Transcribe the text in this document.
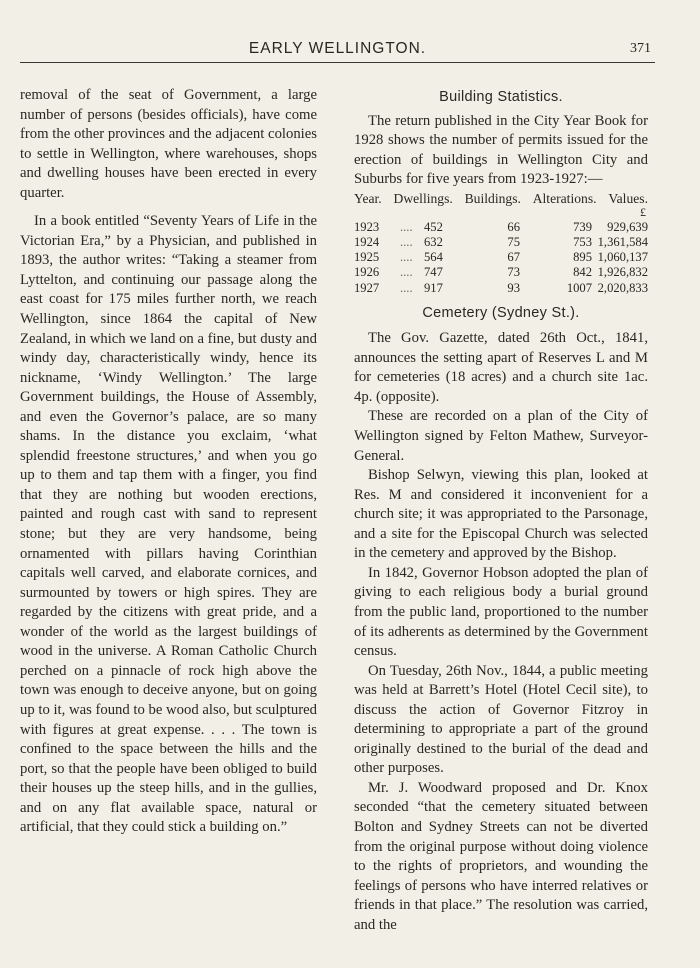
EARLY WELLINGTON.	371

removal of the seat of Government, a large number of persons (besides officials), have come from the other provinces and the adjacent colonies to settle in Wellington, where warehouses, shops and dwelling houses have been erected in every quarter.

In a book entitled “Seventy Years of Life in the Victorian Era,” by a Physician, and published in 1893, the author writes: “Taking a steamer from Lyttelton, and continuing our passage along the east coast for 175 miles further north, we reach Wellington, since 1864 the capital of New Zealand, in which we land on a fine, but dusty and windy day, characteristically windy, hence its nickname, ‘Windy Wellington.’ The large Government buildings, the House of Assembly, and even the Governor’s palace, are so many shams. In the distance you exclaim, ‘what splendid freestone structures,’ and when you go up to them and tap them with a finger, you find that they are nothing but wooden erections, painted and rough cast with sand to represent stone; but they are very handsome, being ornamented with pillars having Corinthian capitals well carved, and elaborate cornices, and surmounted by towers or high spires. They are regarded by the citizens with great pride, and a wonder of the world as the largest buildings of wood in the universe. A Roman Catholic Church perched on a pinnacle of rock high above the town was enough to deceive anyone, but on going up to it, was found to be wood also, but sculptured with figures at great expense. . . . The town is confined to the space between the hills and the port, so that the people have been obliged to build their houses up the steep hills, and in the gullies, and on any flat available space, natural or artificial, that they could stick a building on.”

Building Statistics.

The return published in the City Year Book for 1928 shows the number of permits issued for the erection of buildings in Wellington City and Suburbs for five years from 1923-1927:—

Year. Dwellings. Buildings. Alterations. Values.
£
1923	....	452	66	739	929,639
1924	....	632	75	753	1,361,584
1925	....	564	67	895	1,060,137
1926	....	747	73	842	1,926,832
1927	....	917	93	1007	2,020,833
Cemetery (Sydney St.).

The Gov. Gazette, dated 26th Oct., 1841, announces the setting apart of Reserves L and M for cemeteries (18 acres) and a church site 1ac. 4p. (opposite).

These are recorded on a plan of the City of Wellington signed by Felton Mathew, Surveyor-General.

Bishop Selwyn, viewing this plan, looked at Res. M and considered it inconvenient for a church site; it was appropriated to the Parsonage, and a site for the Episcopal Church was selected in the cemetery and approved by the Bishop.

In 1842, Governor Hobson adopted the plan of giving to each religious body a burial ground from the public land, proportioned to the number of its adherents as determined by the Government census.

On Tuesday, 26th Nov., 1844, a public meeting was held at Barrett’s Hotel (Hotel Cecil site), to discuss the action of Governor Fitzroy in determining to appropriate a part of the ground originally destined to the burial of the dead and other purposes.

Mr. J. Woodward proposed and Dr. Knox seconded “that the cemetery situated between Bolton and Sydney Streets can not be diverted from the original purpose without doing violence to the rights of proprietors, and wounding the feelings of persons who have interred relatives or friends in that place.” The resolution was carried, and the
